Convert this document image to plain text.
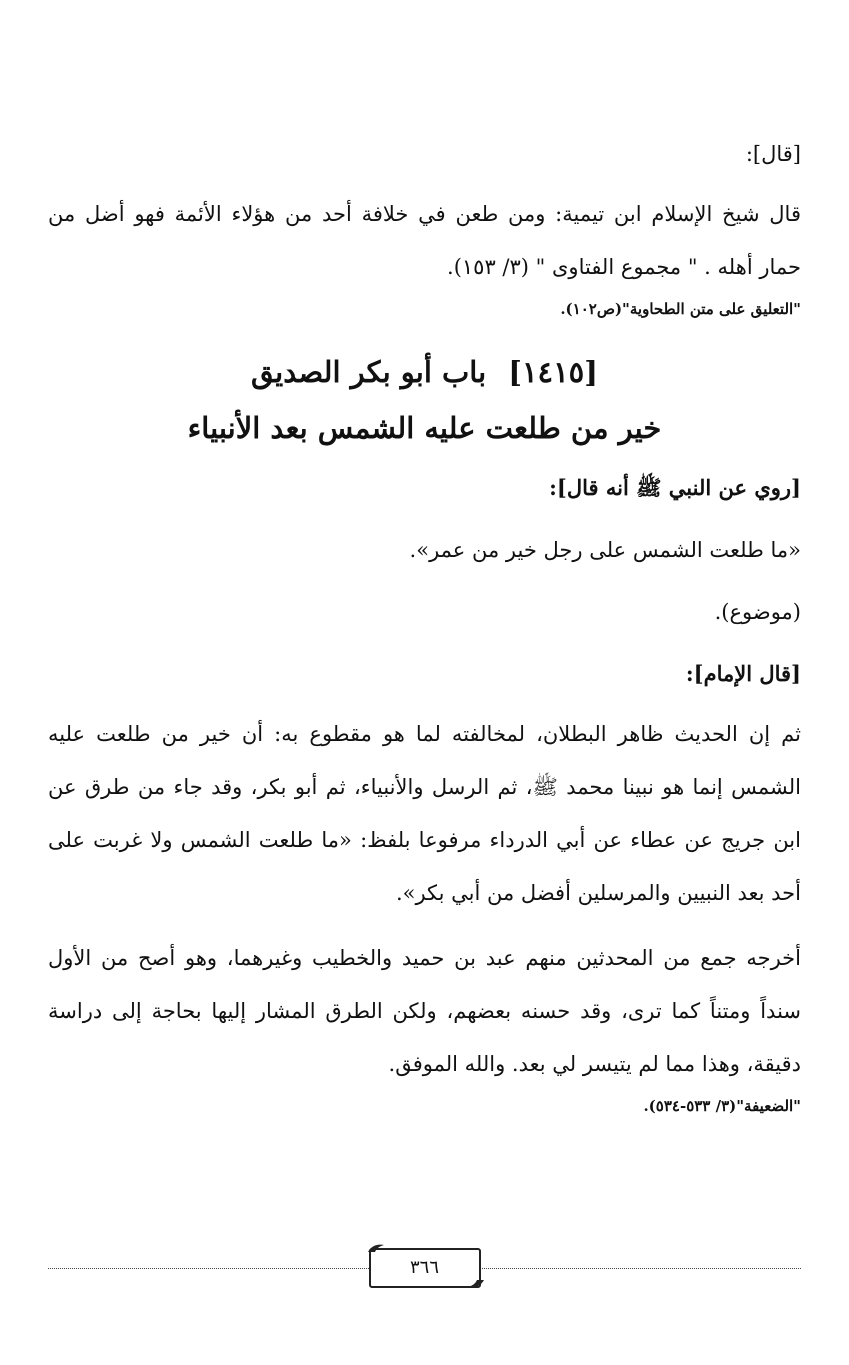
[قال]:

قال شيخ الإسلام ابن تيمية: ومن طعن في خلافة أحد من هؤلاء الأئمة فهو أضل من حمار أهله . " مجموع الفتاوى " (٣/ ١٥٣).

"التعليق على متن الطحاوية"(ص١٠٢).

[١٤١٥]باب أبو بكر الصديق
خير من طلعت عليه الشمس بعد الأنبياء

[روي عن النبي ﷺ أنه قال]:

«ما طلعت الشمس على رجل خير من عمر».

(موضوع).

[قال الإمام]:

ثم إن الحديث ظاهر البطلان، لمخالفته لما هو مقطوع به: أن خير من طلعت عليه الشمس إنما هو نبينا محمد ﷺ، ثم الرسل والأنبياء، ثم أبو بكر، وقد جاء من طرق عن ابن جريج عن عطاء عن أبي الدرداء مرفوعا بلفظ: «ما طلعت الشمس ولا غربت على أحد بعد النبيين والمرسلين أفضل من أبي بكر».

أخرجه جمع من المحدثين منهم عبد بن حميد والخطيب وغيرهما، وهو أصح من الأول سنداً ومتناً كما ترى، وقد حسنه بعضهم، ولكن الطرق المشار إليها بحاجة إلى دراسة دقيقة، وهذا مما لم يتيسر لي بعد. والله الموفق.

"الضعيفة"(٣/ ٥٣٣-٥٣٤).

٣٦٦
